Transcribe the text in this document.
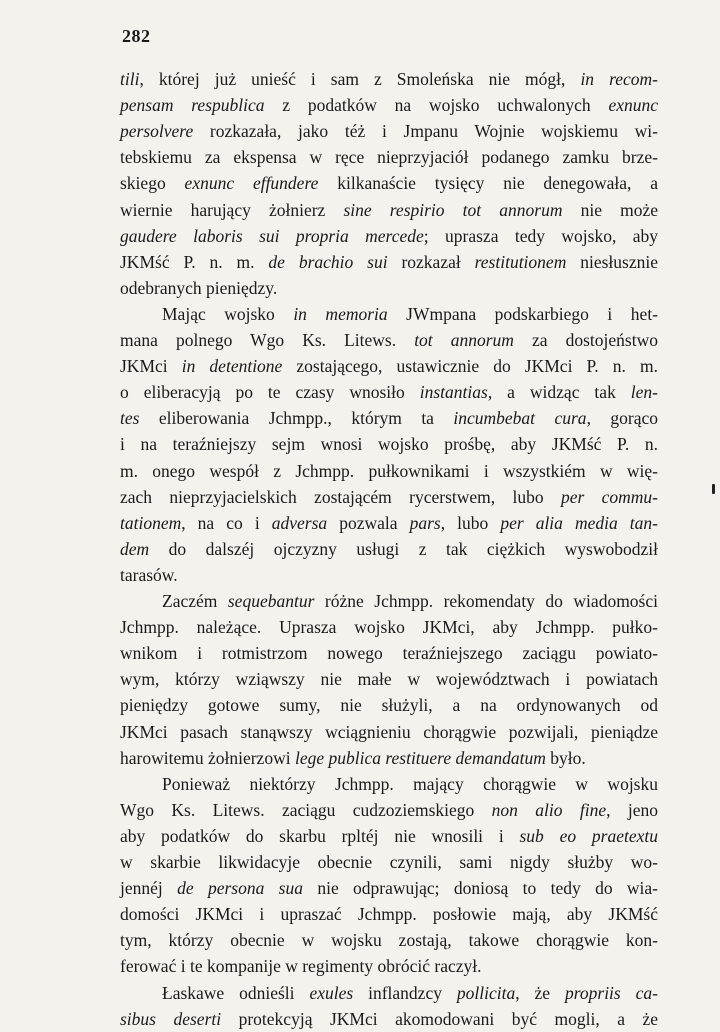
282
tili, której już unieść i sam z Smoleńska nie mógł, in recom-
pensam respublica z podatków na wojsko uchwalonych exnunc
persolvere rozkazała, jako téż i Jmpanu Wojnie wojskiemu wi-
tebskiemu za ekspensa w ręce nieprzyjaciół podanego zamku brze-
skiego exnunc effundere kilkanaście tysięcy nie denegowała, a
wiernie harujący żołnierz sine respirio tot annorum nie może
gaudere laboris sui propria mercede; uprasza tedy wojsko, aby
JKMść P. n. m. de brachio sui rozkazał restitutionem niesłusznie
odebranych pieniędzy.
Mając wojsko in memoria JWmpana podskarbiego i het-
mana polnego Wgo Ks. Litews. tot annorum za dostojeństwo
JKMci in detentione zostającego, ustawicznie do JKMci P. n. m.
o eliberacyją po te czasy wnosiło instantias, a widząc tak len-
tes eliberowania Jchmpp., którym ta incumbebat cura, gorąco
i na teraźniejszy sejm wnosi wojsko prośbę, aby JKMść P. n.
m. onego wespół z Jchmpp. pułkownikami i wszystkiém w wię-
zach nieprzyjacielskich zostającém rycerstwem, lubo per commu-
tationem, na co i adversa pozwala pars, lubo per alia media tan-
dem do dalszéj ojczyzny usługi z tak ciężkich wyswobodził
tarasów.
Zaczém sequebantur różne Jchmpp. rekomendaty do wiadomości
Jchmpp. należące. Uprasza wojsko JKMci, aby Jchmpp. pułko-
wnikom i rotmistrzom nowego teraźniejszego zaciągu powiato-
wym, którzy wziąwszy nie małe w województwach i powiatach
pieniędzy gotowe sumy, nie służyli, a na ordynowanych od
JKMci pasach stanąwszy wciągnieniu chorągwie pozwijali, pieniądze
harowitemu żołnierzowi lege publica restituere demandatum było.
Ponieważ niektórzy Jchmpp. mający chorągwie w wojsku
Wgo Ks. Litews. zaciągu cudzoziemskiego non alio fine, jeno
aby podatków do skarbu rpltéj nie wnosili i sub eo praetextu
w skarbie likwidacyje obecnie czynili, sami nigdy służby wo-
jennéj de persona sua nie odprawując; doniosą to tedy do wia-
domości JKMci i upraszać Jchmpp. posłowie mają, aby JKMść
tym, którzy obecnie w wojsku zostają, takowe chorągwie kon-
ferować i te kompanije w regimenty obrócić raczył.
Łaskawe odnieśli exules inflandzcy pollicita, że propriis ca-
sibus deserti protekcyją JKMci akomodowani być mogli, a że
